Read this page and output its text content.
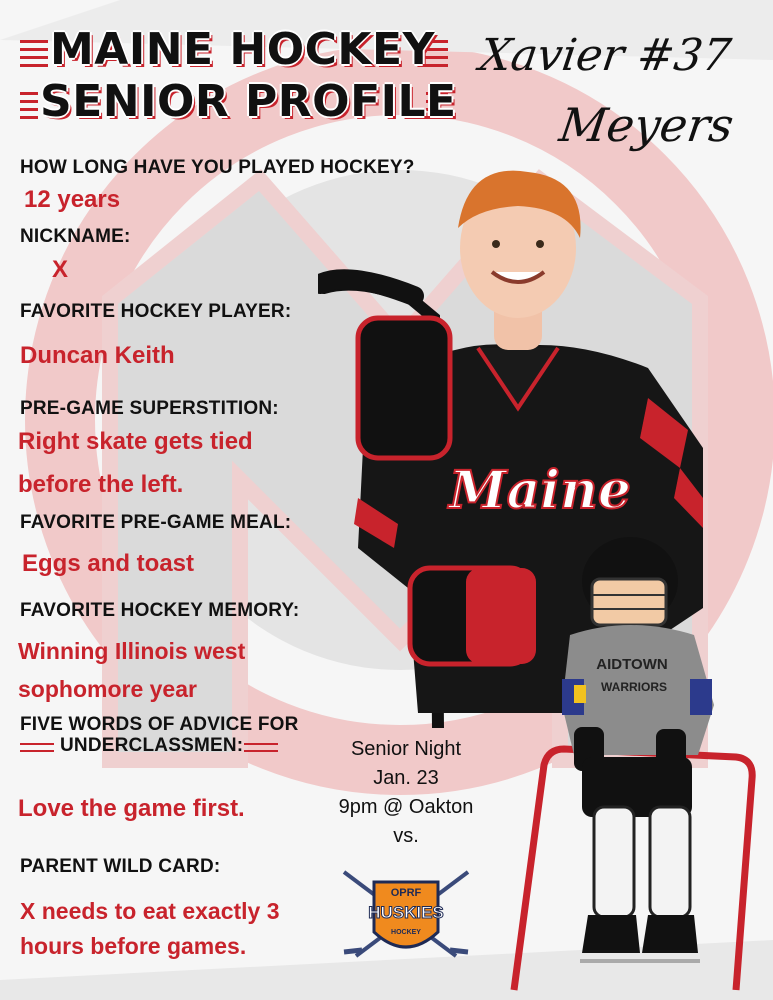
MAINE HOCKEY
SENIOR PROFILE
Xavier #37
Meyers
HOW LONG HAVE YOU PLAYED HOCKEY?
12 years
NICKNAME:
X
FAVORITE HOCKEY PLAYER:
Duncan Keith
PRE-GAME SUPERSTITION:
Right skate gets tied
before the left.
FAVORITE PRE-GAME MEAL:
Eggs and toast
FAVORITE HOCKEY MEMORY:
Winning Illinois west
sophomore year
FIVE WORDS OF ADVICE FOR
UNDERCLASSMEN:
Love the game first.
PARENT WILD CARD:
X needs to eat exactly 3
hours before games.
Senior Night
Jan. 23
9pm @ Oakton
vs.
OPRF
HUSKIES
HOCKEY
Maine
AIDTOWN
WARRIORS
